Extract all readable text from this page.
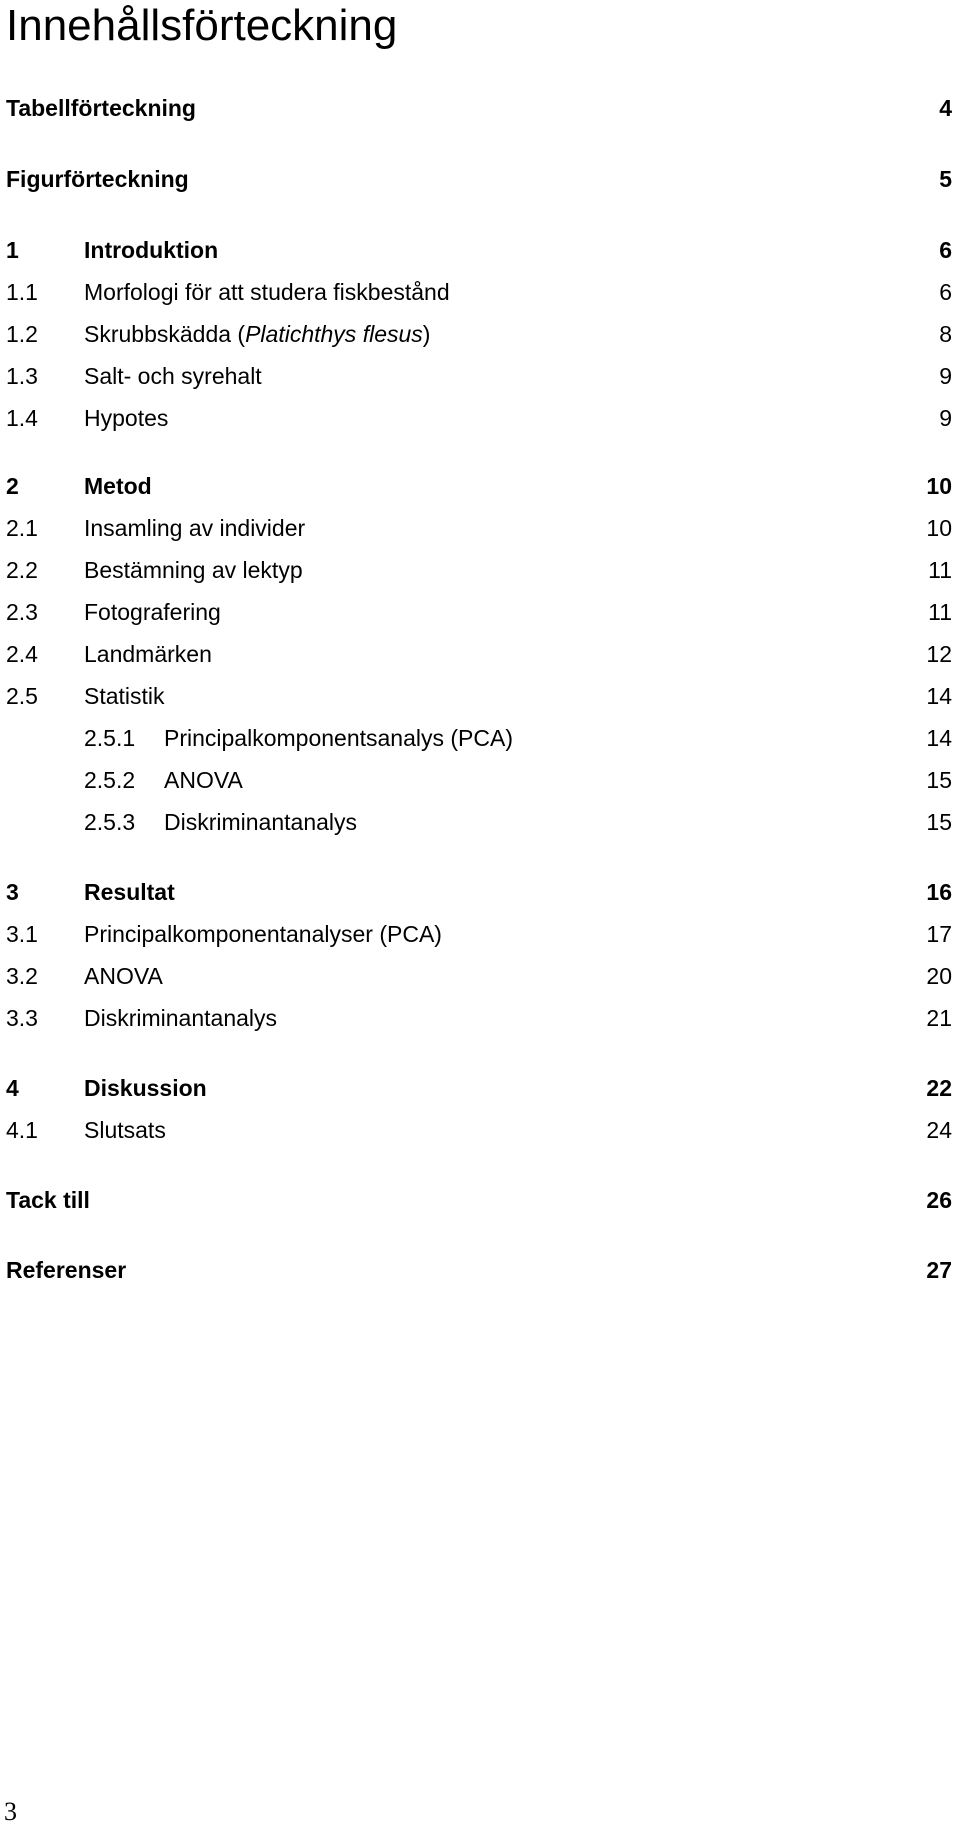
Innehållsförteckning
Tabellförteckning	4
Figurförteckning	5
1	Introduktion	6
1.1 Morfologi för att studera fiskbestånd	6
1.2 Skrubbskädda (Platichthys flesus)	8
1.3 Salt- och syrehalt	9
1.4 Hypotes	9
2	Metod	10
2.1 Insamling av individer	10
2.2 Bestämning av lektyp	11
2.3 Fotografering	11
2.4 Landmärken	12
2.5 Statistik	14
2.5.1 Principalkomponentsanalys (PCA)	14
2.5.2 ANOVA	15
2.5.3 Diskriminantanalys	15
3	Resultat	16
3.1 Principalkomponentanalyser (PCA)	17
3.2 ANOVA	20
3.3 Diskriminantanalys	21
4	Diskussion	22
4.1 Slutsats	24
Tack till	26
Referenser	27
3
